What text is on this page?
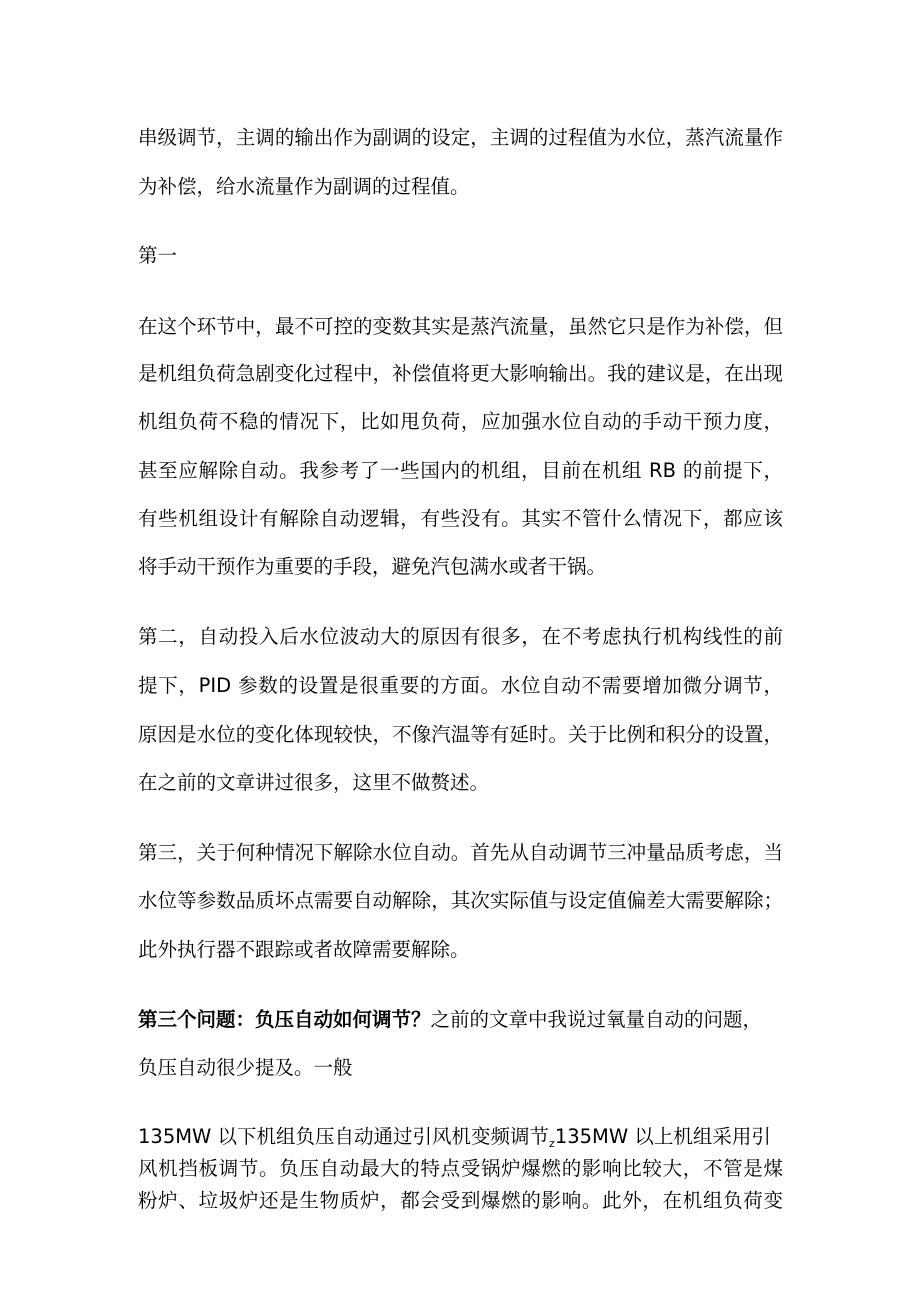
串级调节，主调的输出作为副调的设定，主调的过程值为水位，蒸汽流量作
为补偿，给水流量作为副调的过程值。
第一
在这个环节中，最不可控的变数其实是蒸汽流量，虽然它只是作为补偿，但
是机组负荷急剧变化过程中，补偿值将更大影响输出。我的建议是，在出现
机组负荷不稳的情况下，比如甩负荷，应加强水位自动的手动干预力度，
甚至应解除自动。我参考了一些国内的机组，目前在机组 RB 的前提下，
有些机组设计有解除自动逻辑，有些没有。其实不管什么情况下，都应该
将手动干预作为重要的手段，避免汽包满水或者干锅。
第二，自动投入后水位波动大的原因有很多，在不考虑执行机构线性的前
提下，PID 参数的设置是很重要的方面。水位自动不需要增加微分调节，
原因是水位的变化体现较快，不像汽温等有延时。关于比例和积分的设置，
在之前的文章讲过很多，这里不做赘述。
第三，关于何种情况下解除水位自动。首先从自动调节三冲量品质考虑，当
水位等参数品质坏点需要自动解除，其次实际值与设定值偏差大需要解除；
此外执行器不跟踪或者故障需要解除。
第三个问题：负压自动如何调节？之前的文章中我说过氧量自动的问题，
负压自动很少提及。一般
135MW 以下机组负压自动通过引风机变频调节$_z$135MW 以上机组采用引
风机挡板调节。负压自动最大的特点受锅炉爆燃的影响比较大，不管是煤
粉炉、垃圾炉还是生物质炉，都会受到爆燃的影响。此外，在机组负荷变
